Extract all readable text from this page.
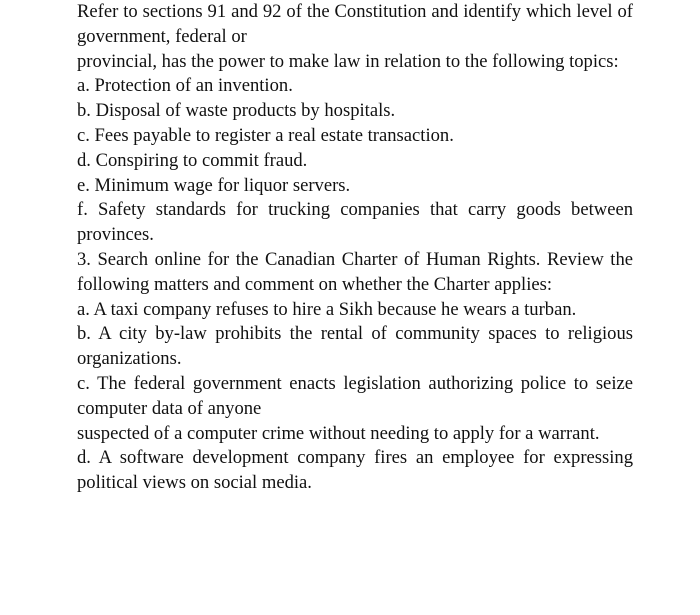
Refer to sections 91 and 92 of the Constitution and identify which level of government, federal or

provincial, has the power to make law in relation to the following topics:

a. Protection of an invention.

b. Disposal of waste products by hospitals.

c. Fees payable to register a real estate transaction.

d. Conspiring to commit fraud.

e. Minimum wage for liquor servers.

f. Safety standards for trucking companies that carry goods between provinces.

3. Search online for the Canadian Charter of Human Rights. Review the following matters and comment on whether the Charter applies:

a. A taxi company refuses to hire a Sikh because he wears a turban.

b. A city by-law prohibits the rental of community spaces to religious organizations.

c. The federal government enacts legislation authorizing police to seize computer data of anyone

suspected of a computer crime without needing to apply for a warrant.

d. A software development company fires an employee for expressing political views on social media.
